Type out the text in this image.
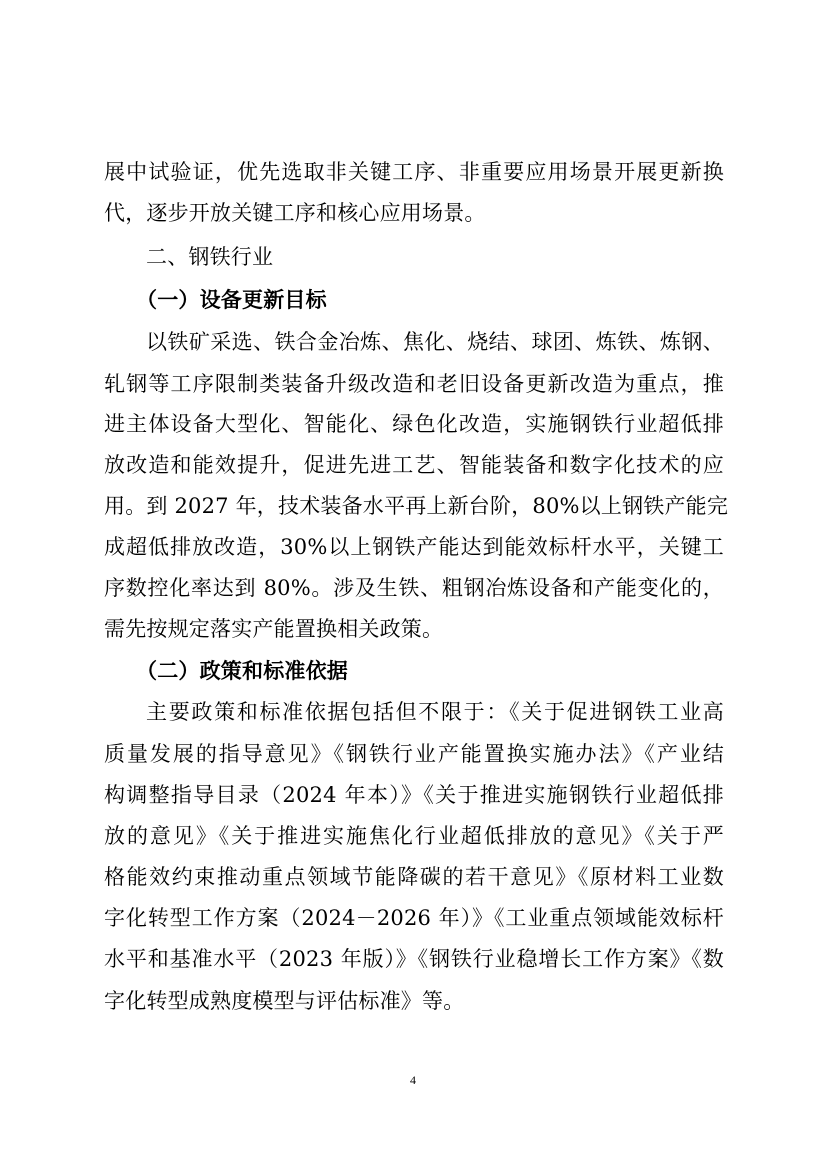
展中试验证，优先选取非关键工序、非重要应用场景开展更新换
代，逐步开放关键工序和核心应用场景。
二、钢铁行业
（一）设备更新目标
以铁矿采选、铁合金冶炼、焦化、烧结、球团、炼铁、炼钢、
轧钢等工序限制类装备升级改造和老旧设备更新改造为重点，推
进主体设备大型化、智能化、绿色化改造，实施钢铁行业超低排
放改造和能效提升，促进先进工艺、智能装备和数字化技术的应
用。到 2027 年，技术装备水平再上新台阶，80%以上钢铁产能完
成超低排放改造，30%以上钢铁产能达到能效标杆水平，关键工
序数控化率达到 80%。涉及生铁、粗钢冶炼设备和产能变化的，
需先按规定落实产能置换相关政策。
（二）政策和标准依据
主要政策和标准依据包括但不限于：《关于促进钢铁工业高
质量发展的指导意见》《钢铁行业产能置换实施办法》《产业结
构调整指导目录（2024 年本）》《关于推进实施钢铁行业超低排
放的意见》《关于推进实施焦化行业超低排放的意见》《关于严
格能效约束推动重点领域节能降碳的若干意见》《原材料工业数
字化转型工作方案（2024－2026 年）》《工业重点领域能效标杆
水平和基准水平（2023 年版）》《钢铁行业稳增长工作方案》《数
字化转型成熟度模型与评估标准》等。
4
